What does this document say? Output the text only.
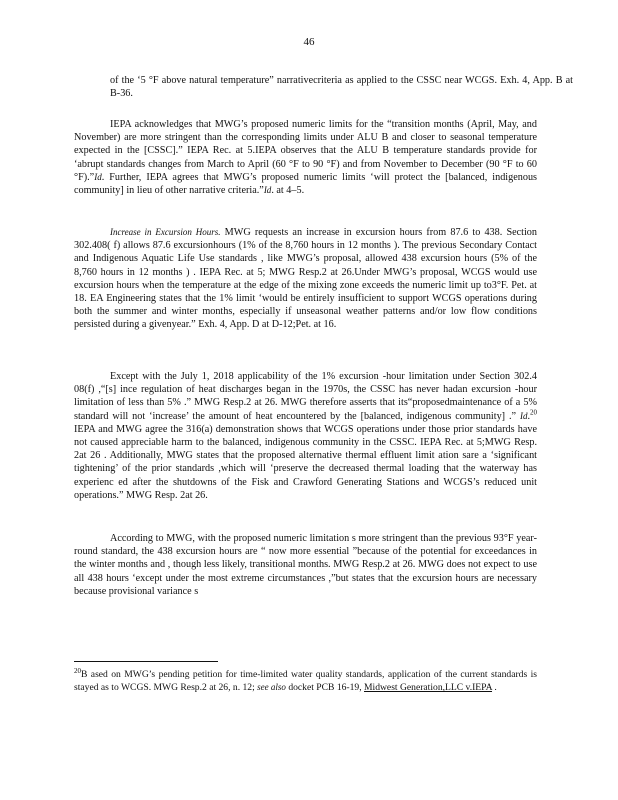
46

of the ‘5 °F above natural temperature” narrativecriteria as applied to the CSSC near WCGS. Exh. 4, App. B at B-36.

IEPA acknowledges that MWG’s proposed numeric limits for the “transition months (April, May, and November) are more stringent than the corresponding limits under ALU B and closer to seasonal temperature expected in the [CSSC].” IEPA Rec. at 5.IEPA observes that the ALU B temperature standards provide for ‘abrupt standards changes from March to April (60 °F to 90 °F) and from November to December (90 °F to 60 °F).”Id. Further, IEPA agrees that MWG’s proposed numeric limits ‘will protect the [balanced, indigenous community] in lieu of other narrative criteria.”Id. at 4–5.

Increase in Excursion Hours. MWG requests an increase in excursion hours from 87.6 to 438. Section 302.408( f) allows 87.6 excursionhours (1% of the 8,760 hours in 12 months ). The previous Secondary Contact and Indigenous Aquatic Life Use standards , like MWG’s proposal, allowed 438 excursion hours (5% of the 8,760 hours in 12 months ) . IEPA Rec. at 5; MWG Resp.2 at 26.Under MWG’s proposal, WCGS would use excursion hours when the temperature at the edge of the mixing zone exceeds the numeric limit up to3°F. Pet. at 18. EA Engineering states that the 1% limit ‘would be entirely insufficient to support WCGS operations during both the summer and winter months, especially if unseasonal weather patterns and/or low flow conditions persisted during a givenyear.” Exh. 4, App. D at D-12;Pet. at 16.

Except with the July 1, 2018 applicability of the 1% excursion -hour limitation under Section 302.4 08(f) ,“[s] ince regulation of heat discharges began in the 1970s, the CSSC has never hadan excursion -hour limitation of less than 5% .” MWG Resp.2 at 26. MWG therefore asserts that its“proposedmaintenance of a 5% standard will not ‘increase’ the amount of heat encountered by the [balanced, indigenous community] .” Id.$^{20}$ IEPA and MWG agree the 316(a) demonstration shows that WCGS operations under those prior standards have not caused appreciable harm to the balanced, indigenous community in the CSSC. IEPA Rec. at 5;MWG Resp. 2at 26 . Additionally, MWG states that the proposed alternative thermal effluent limit ation sare a ‘significant tightening’ of the prior standards ,which will ‘preserve the decreased thermal loading that the waterway has experienc ed after the shutdowns of the Fisk and Crawford Generating Stations and WCGS’s reduced unit operations.” MWG Resp. 2at 26.

According to MWG, with the proposed numeric limitation s more stringent than the previous 93°F year-round standard, the 438 excursion hours are “ now more essential ”because of the potential for exceedances in the winter months and , though less likely, transitional months. MWG Resp.2 at 26. MWG does not expect to use all 438 hours ‘except under the most extreme circumstances ,”but states that the excursion hours are necessary because provisional variance s

$^{20}$B ased on MWG’s pending petition for time-limited water quality standards, application of the current standards is stayed as to WCGS. MWG Resp.2 at 26, n. 12; see also docket PCB 16-19, Midwest Generation,LLC v.IEPA .
